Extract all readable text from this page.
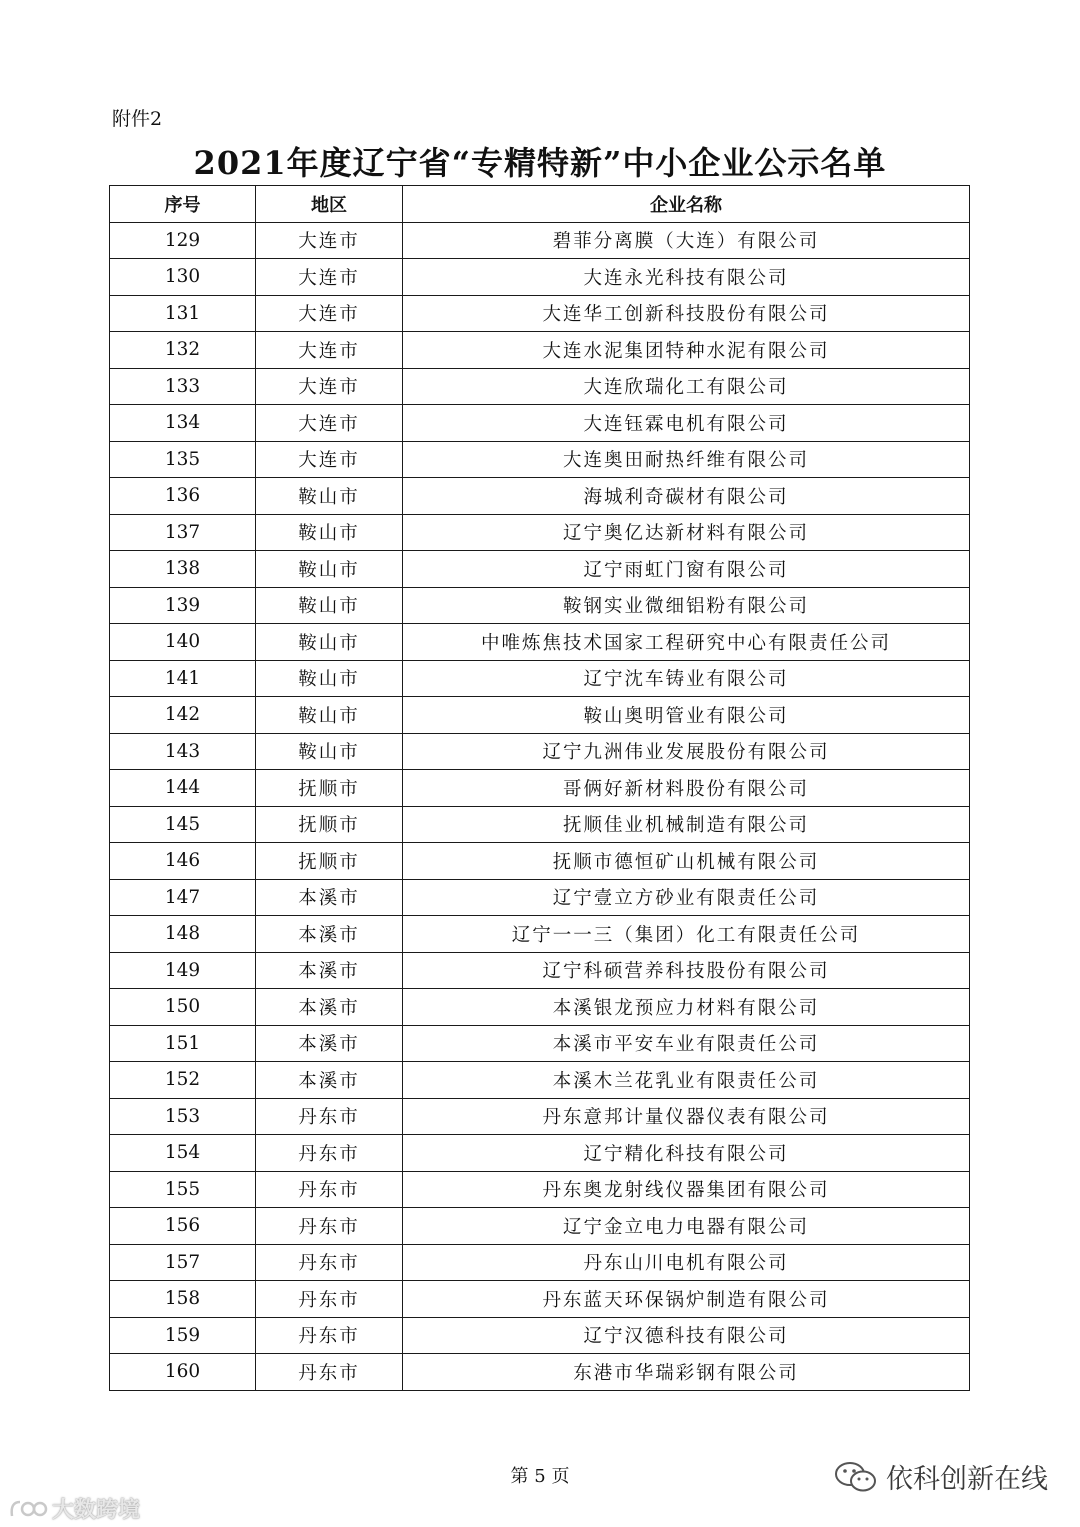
附件2
2021年度辽宁省“专精特新”中小企业公示名单
序号	地区	企业名称
129	大连市	碧菲分离膜（大连）有限公司
130	大连市	大连永光科技有限公司
131	大连市	大连华工创新科技股份有限公司
132	大连市	大连水泥集团特种水泥有限公司
133	大连市	大连欣瑞化工有限公司
134	大连市	大连钰霖电机有限公司
135	大连市	大连奥田耐热纤维有限公司
136	鞍山市	海城利奇碳材有限公司
137	鞍山市	辽宁奥亿达新材料有限公司
138	鞍山市	辽宁雨虹门窗有限公司
139	鞍山市	鞍钢实业微细铝粉有限公司
140	鞍山市	中唯炼焦技术国家工程研究中心有限责任公司
141	鞍山市	辽宁沈车铸业有限公司
142	鞍山市	鞍山奥明管业有限公司
143	鞍山市	辽宁九洲伟业发展股份有限公司
144	抚顺市	哥俩好新材料股份有限公司
145	抚顺市	抚顺佳业机械制造有限公司
146	抚顺市	抚顺市德恒矿山机械有限公司
147	本溪市	辽宁壹立方砂业有限责任公司
148	本溪市	辽宁一一三（集团）化工有限责任公司
149	本溪市	辽宁科硕营养科技股份有限公司
150	本溪市	本溪银龙预应力材料有限公司
151	本溪市	本溪市平安车业有限责任公司
152	本溪市	本溪木兰花乳业有限责任公司
153	丹东市	丹东意邦计量仪器仪表有限公司
154	丹东市	辽宁精化科技有限公司
155	丹东市	丹东奥龙射线仪器集团有限公司
156	丹东市	辽宁金立电力电器有限公司
157	丹东市	丹东山川电机有限公司
158	丹东市	丹东蓝天环保锅炉制造有限公司
159	丹东市	辽宁汉德科技有限公司
160	丹东市	东港市华瑞彩钢有限公司
第 5 页	依科创新在线
大数跨境
